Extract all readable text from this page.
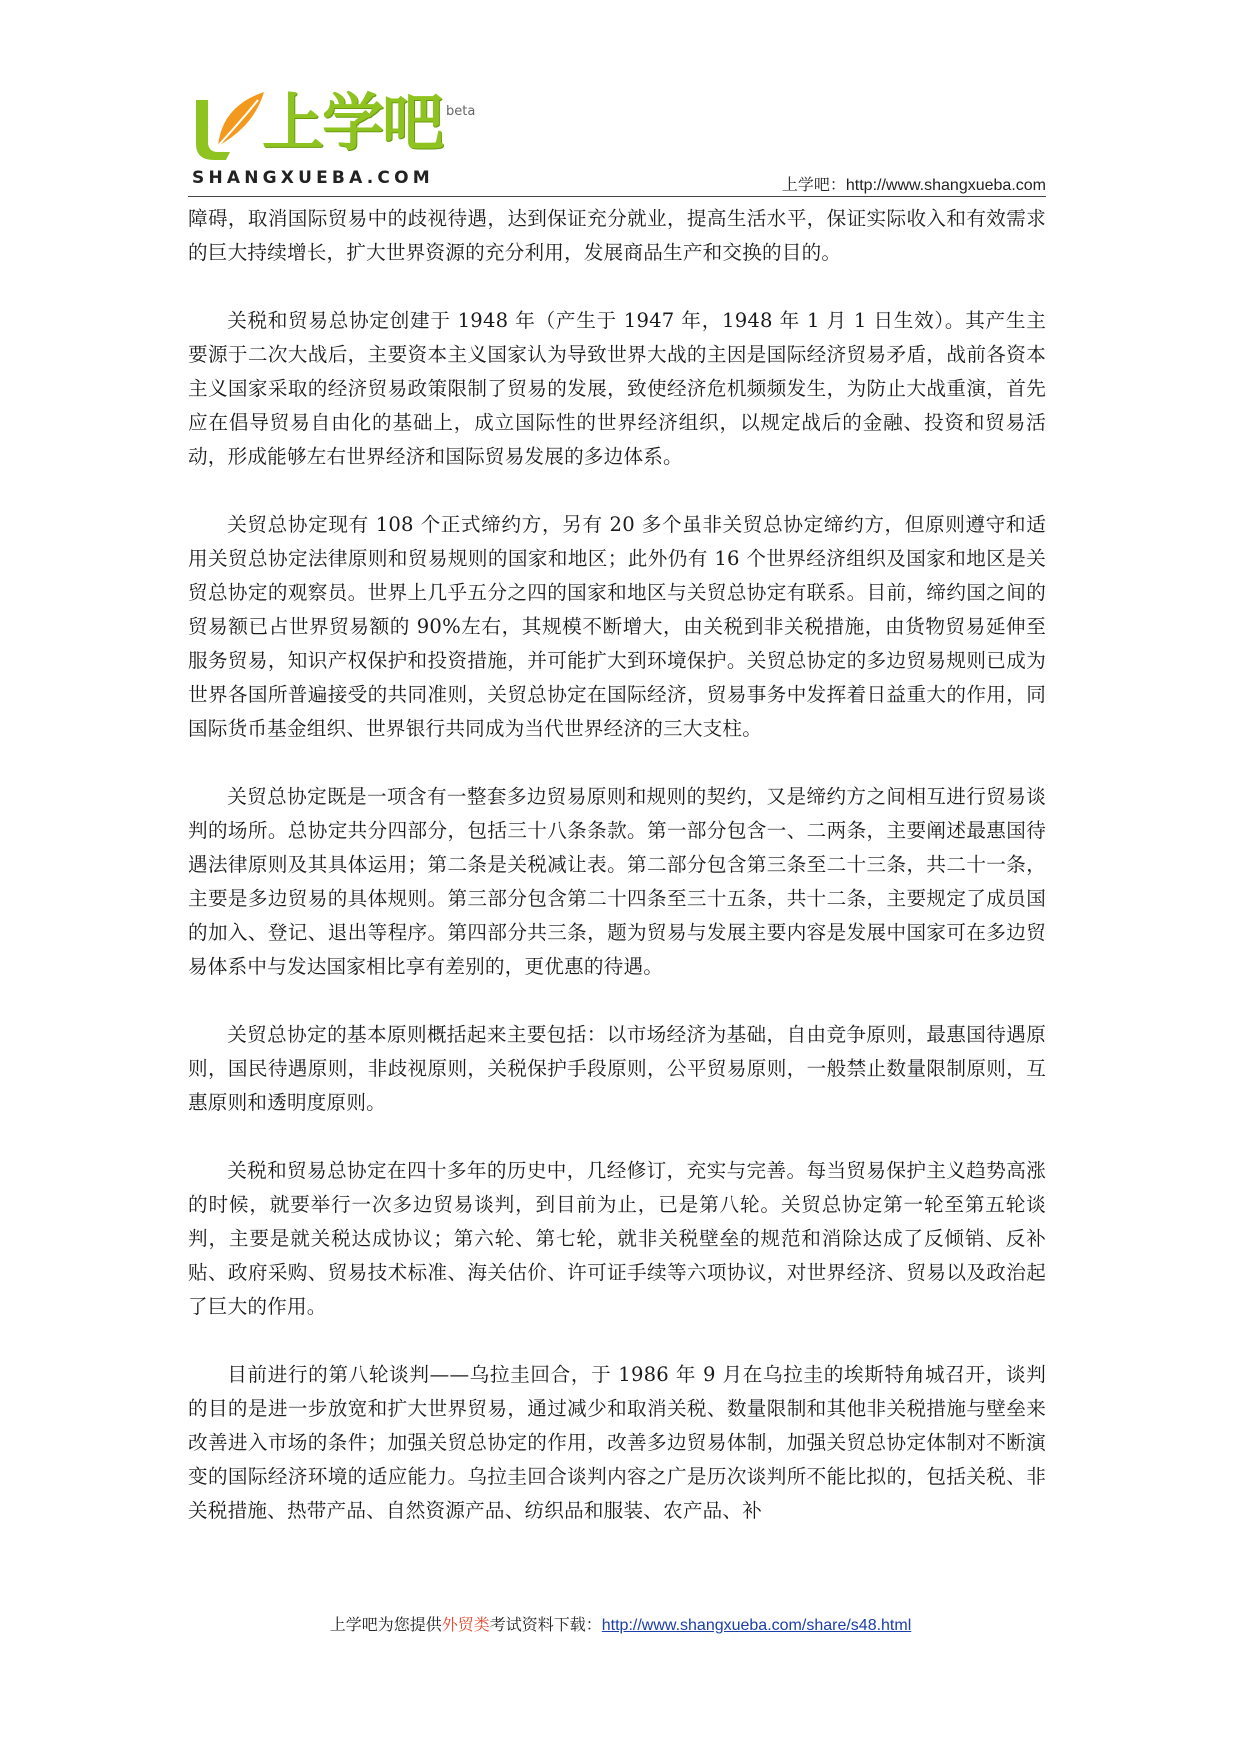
上学吧 beta
SHANGXUEBA.COM	上学吧：http://www.shangxueba.com

障碍，取消国际贸易中的歧视待遇，达到保证充分就业，提高生活水平，保证实际收入和有效需求的巨大持续增长，扩大世界资源的充分利用，发展商品生产和交换的目的。

关税和贸易总协定创建于 1948 年（产生于 1947 年，1948 年 1 月 1 日生效）。其产生主要源于二次大战后，主要资本主义国家认为导致世界大战的主因是国际经济贸易矛盾，战前各资本主义国家采取的经济贸易政策限制了贸易的发展，致使经济危机频频发生，为防止大战重演，首先应在倡导贸易自由化的基础上，成立国际性的世界经济组织，以规定战后的金融、投资和贸易活动，形成能够左右世界经济和国际贸易发展的多边体系。

关贸总协定现有 108 个正式缔约方，另有 20 多个虽非关贸总协定缔约方，但原则遵守和适用关贸总协定法律原则和贸易规则的国家和地区；此外仍有 16 个世界经济组织及国家和地区是关贸总协定的观察员。世界上几乎五分之四的国家和地区与关贸总协定有联系。目前，缔约国之间的贸易额已占世界贸易额的 90%左右，其规模不断增大，由关税到非关税措施，由货物贸易延伸至服务贸易，知识产权保护和投资措施，并可能扩大到环境保护。关贸总协定的多边贸易规则已成为世界各国所普遍接受的共同准则，关贸总协定在国际经济，贸易事务中发挥着日益重大的作用，同国际货币基金组织、世界银行共同成为当代世界经济的三大支柱。

关贸总协定既是一项含有一整套多边贸易原则和规则的契约，又是缔约方之间相互进行贸易谈判的场所。总协定共分四部分，包括三十八条条款。第一部分包含一、二两条，主要阐述最惠国待遇法律原则及其具体运用；第二条是关税减让表。第二部分包含第三条至二十三条，共二十一条，主要是多边贸易的具体规则。第三部分包含第二十四条至三十五条，共十二条，主要规定了成员国的加入、登记、退出等程序。第四部分共三条，题为贸易与发展主要内容是发展中国家可在多边贸易体系中与发达国家相比享有差别的，更优惠的待遇。

关贸总协定的基本原则概括起来主要包括：以市场经济为基础，自由竞争原则，最惠国待遇原则，国民待遇原则，非歧视原则，关税保护手段原则，公平贸易原则，一般禁止数量限制原则，互惠原则和透明度原则。

关税和贸易总协定在四十多年的历史中，几经修订，充实与完善。每当贸易保护主义趋势高涨的时候，就要举行一次多边贸易谈判，到目前为止，已是第八轮。关贸总协定第一轮至第五轮谈判，主要是就关税达成协议；第六轮、第七轮，就非关税壁垒的规范和消除达成了反倾销、反补贴、政府采购、贸易技术标准、海关估价、许可证手续等六项协议，对世界经济、贸易以及政治起了巨大的作用。

目前进行的第八轮谈判——乌拉圭回合，于 1986 年 9 月在乌拉圭的埃斯特角城召开，谈判的目的是进一步放宽和扩大世界贸易，通过减少和取消关税、数量限制和其他非关税措施与壁垒来改善进入市场的条件；加强关贸总协定的作用，改善多边贸易体制，加强关贸总协定体制对不断演变的国际经济环境的适应能力。乌拉圭回合谈判内容之广是历次谈判所不能比拟的，包括关税、非关税措施、热带产品、自然资源产品、纺织品和服装、农产品、补

上学吧为您提供外贸类考试资料下载：http://www.shangxueba.com/share/s48.html
